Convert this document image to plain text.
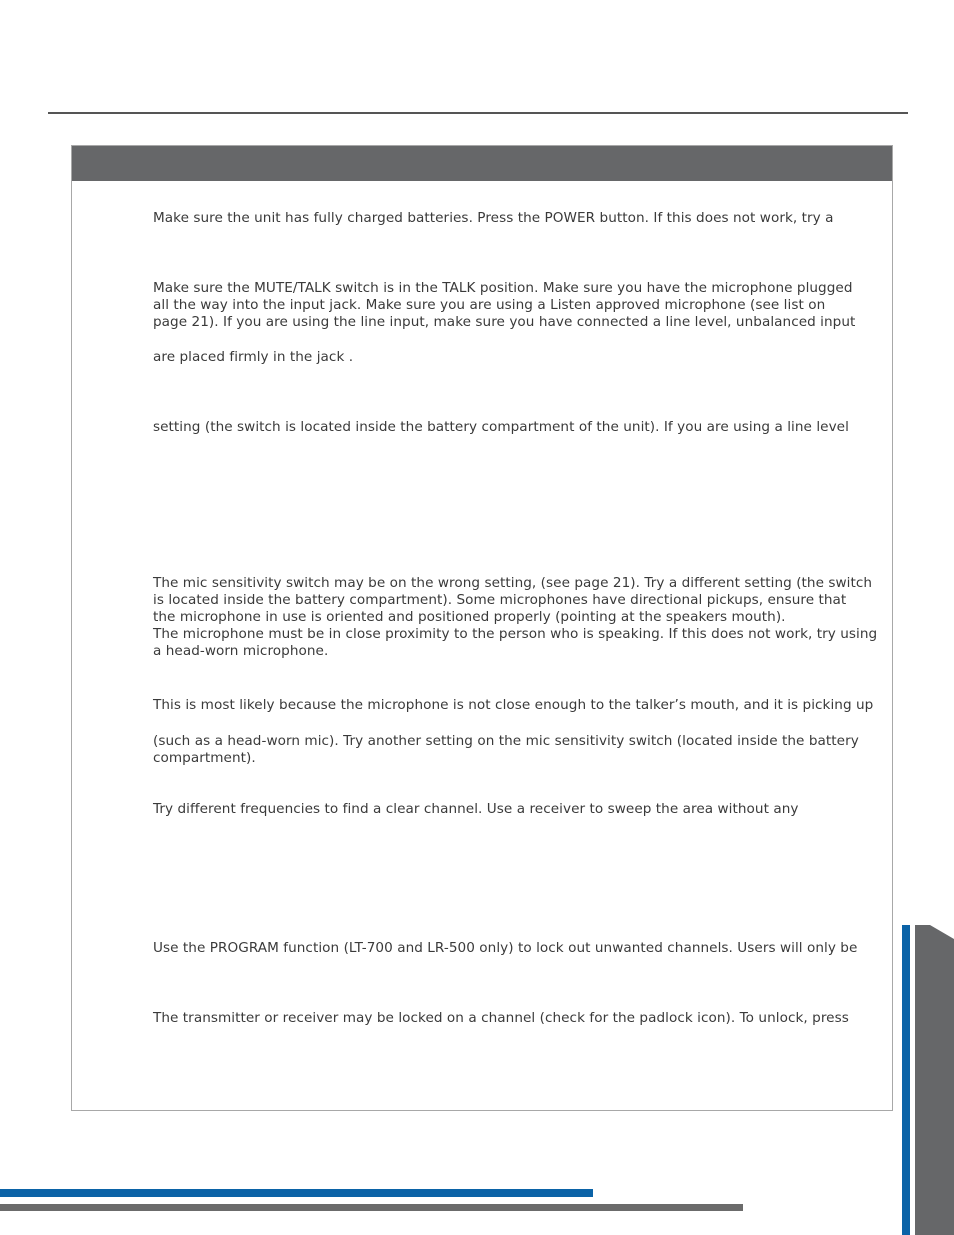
Make sure the unit has fully charged batteries. Press the POWER button. If this does not work, try a

Make sure the MUTE/TALK switch is in the TALK position. Make sure you have the microphone plugged
all the way into the input jack. Make sure you are using a Listen approved microphone (see list on
page 21). If you are using the line input, make sure you have connected a line level, unbalanced input

are placed firmly in the jack .

setting (the switch is located inside the battery compartment of the unit). If you are using a line level

The mic sensitivity switch may be on the wrong setting, (see page 21). Try a different setting (the switch
is located inside the battery compartment). Some microphones have directional pickups, ensure that
the microphone in use is oriented and positioned properly (pointing at the speakers mouth).
The microphone must be in close proximity to the person who is speaking. If this does not work, try using
a head-worn microphone.

This is most likely because the microphone is not close enough to the talker’s mouth, and it is picking up

(such as a head-worn mic). Try another setting on the mic sensitivity switch (located inside the battery
compartment).

Try different frequencies to find a clear channel. Use a receiver to sweep the area without any

Use the PROGRAM function (LT-700 and LR-500 only) to lock out unwanted channels. Users will only be

The transmitter or receiver may be locked on a channel (check for the padlock icon). To unlock, press
